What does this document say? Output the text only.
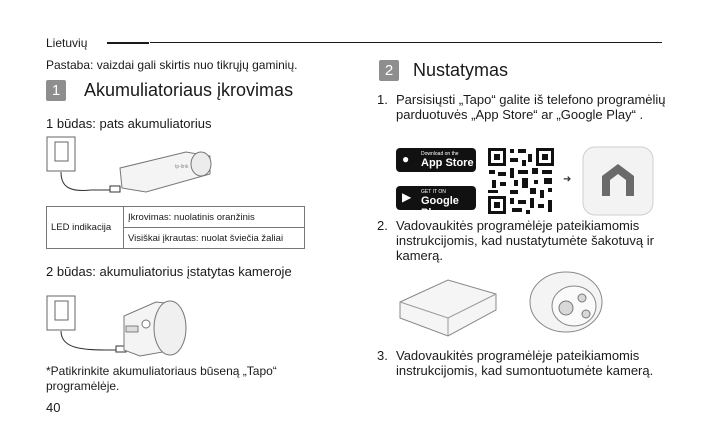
Lietuvių
Pastaba: vaizdai gali skirtis nuo tikrųjų gaminių.
1 Akumuliatoriaus įkrovimas
1 būdas: pats akumuliatorius
tp-link
LED indikacija	Įkrovimas: nuolatinis oranžinis
Visiškai įkrautas: nuolat šviečia žaliai
2 būdas: akumuliatorius įstatytas kameroje
*Patikrinkite akumuliatoriaus būseną „Tapo“ programėlėje.
40
2 Nustatymas
1. Parsisiųsti „Tapo“ galite iš telefono programėlių parduotuvės „App Store“ ar „Google Play“ .
● Download on the
App Store
▶ GET IT ON
Google Play
➜
2. Vadovaukitės programėlėje pateikiamomis instrukcijomis, kad nustatytumėte šakotuvą ir kamerą.
3. Vadovaukitės programėlėje pateikiamomis instrukcijomis, kad sumontuotumėte kamerą.
